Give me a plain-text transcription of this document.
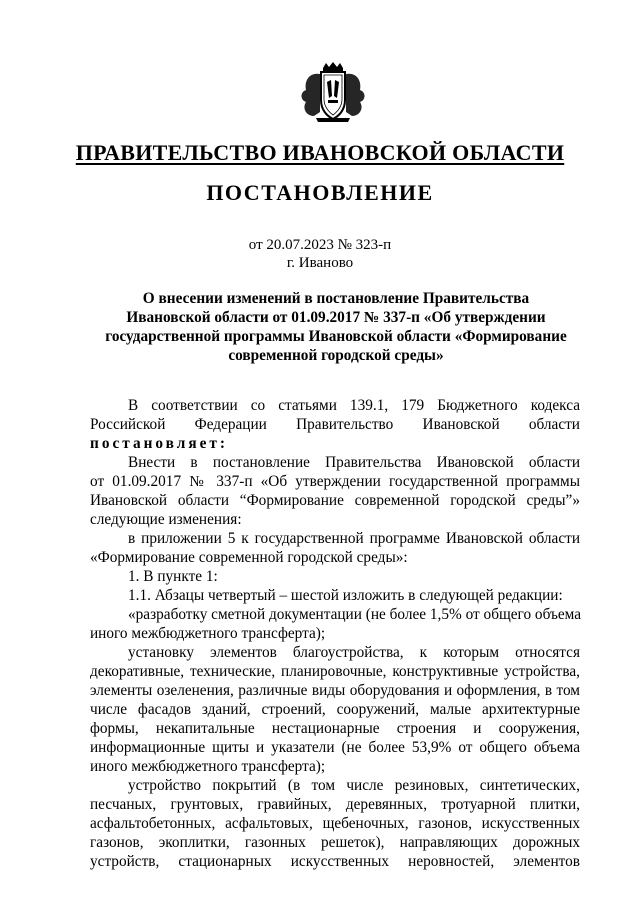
ПРАВИТЕЛЬСТВО ИВАНОВСКОЙ ОБЛАСТИ
ПОСТАНОВЛЕНИЕ
от 20.07.2023 № 323-п
г. Иваново
О внесении изменений в постановление Правительства
Ивановской области от 01.09.2017 № 337-п «Об утверждении
государственной программы Ивановской области «Формирование
современной городской среды»
В соответствии со статьями 139.1, 179 Бюджетного кодекса
Российской Федерации Правительство Ивановской области
постановляет:
Внести в постановление Правительства Ивановской области
от 01.09.2017 № 337-п «Об утверждении государственной программы
Ивановской области “Формирование современной городской среды”»
следующие изменения:
в приложении 5 к государственной программе Ивановской области
«Формирование современной городской среды»:
1. В пункте 1:
1.1. Абзацы четвертый – шестой изложить в следующей редакции:
«разработку сметной документации (не более 1,5% от общего объема
иного межбюджетного трансферта);
установку элементов благоустройства, к которым относятся
декоративные, технические, планировочные, конструктивные устройства,
элементы озеленения, различные виды оборудования и оформления, в том
числе фасадов зданий, строений, сооружений, малые архитектурные
формы, некапитальные нестационарные строения и сооружения,
информационные щиты и указатели (не более 53,9% от общего объема
иного межбюджетного трансферта);
устройство покрытий (в том числе резиновых, синтетических,
песчаных, грунтовых, гравийных, деревянных, тротуарной плитки,
асфальтобетонных, асфальтовых, щебеночных, газонов, искусственных
газонов, экоплитки, газонных решеток), направляющих дорожных
устройств, стационарных искусственных неровностей, элементов
